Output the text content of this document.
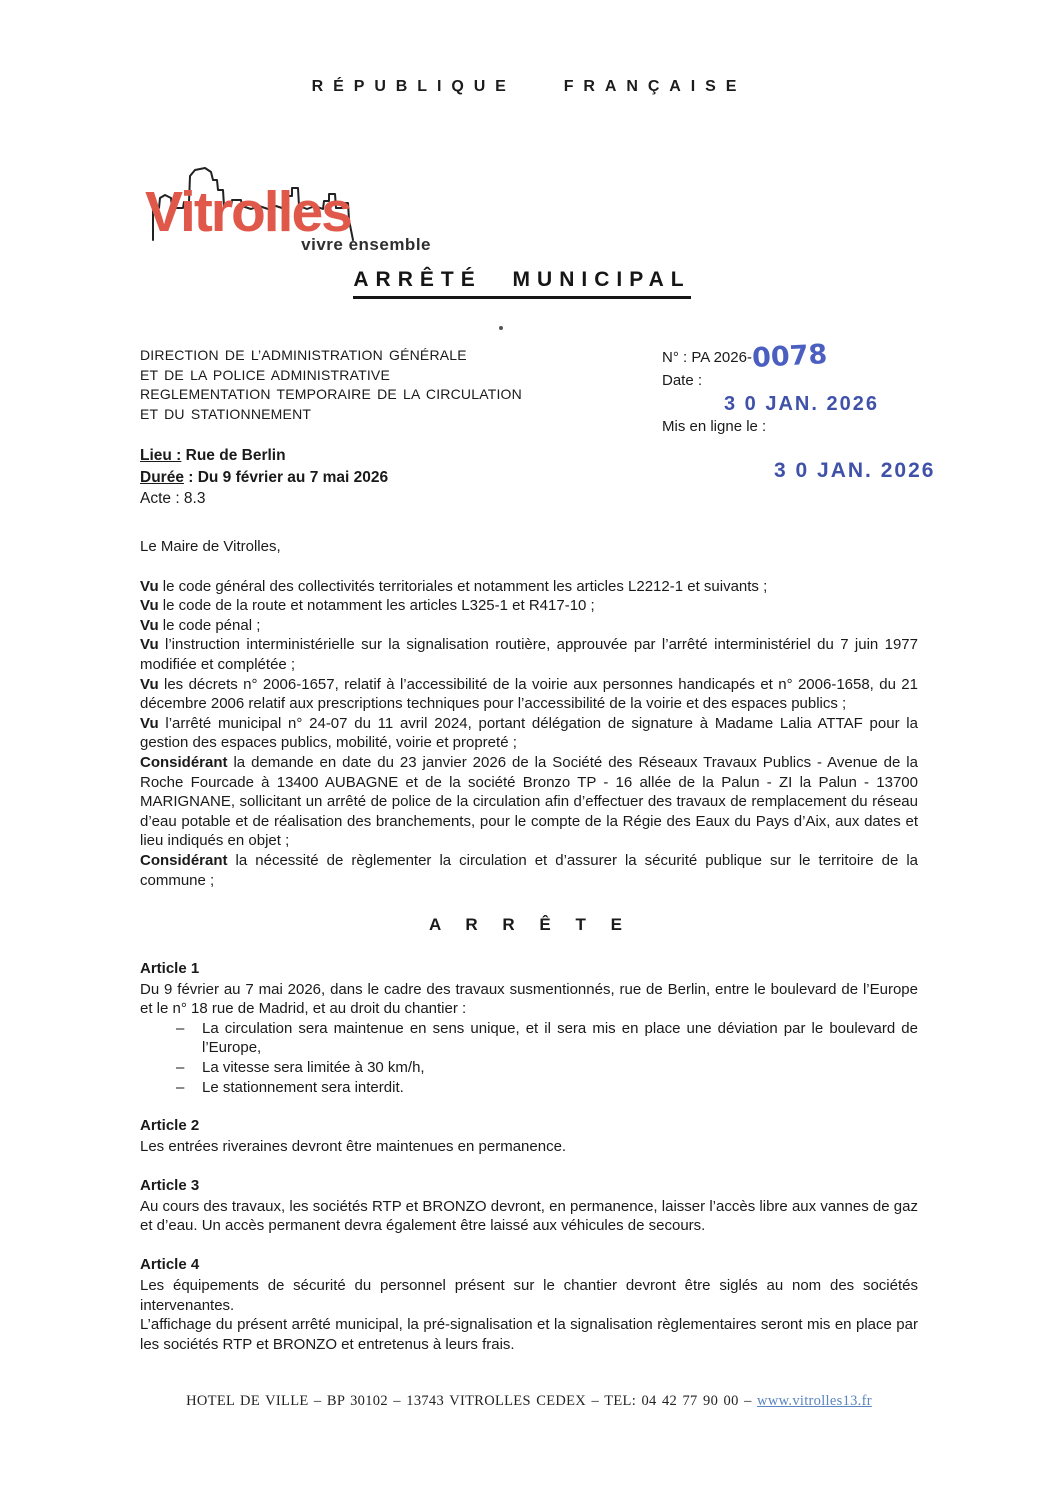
RÉPUBLIQUE FRANÇAISE
Vitrolles
vivre ensemble
ARRÊTÉ MUNICIPAL
DIRECTION DE L’ADMINISTRATION GÉNÉRALE
ET DE LA POLICE ADMINISTRATIVE
REGLEMENTATION TEMPORAIRE DE LA CIRCULATION
ET DU STATIONNEMENT
Lieu : Rue de Berlin
Durée : Du 9 février au 7 mai 2026
Acte : 8.3
N° : PA 2026-0078
Date :
3 0 JAN. 2026
Mis en ligne le :
3 0 JAN. 2026

Le Maire de Vitrolles,

Vu le code général des collectivités territoriales et notamment les articles L2212-1 et suivants ;

Vu le code de la route et notamment les articles L325-1 et R417-10 ;

Vu le code pénal ;

Vu l’instruction interministérielle sur la signalisation routière, approuvée par l’arrêté interministériel du 7 juin 1977 modifiée et complétée ;

Vu les décrets n° 2006-1657, relatif à l’accessibilité de la voirie aux personnes handicapés et n° 2006-1658, du 21 décembre 2006 relatif aux prescriptions techniques pour l’accessibilité de la voirie et des espaces publics ;

Vu l’arrêté municipal n° 24-07 du 11 avril 2024, portant délégation de signature à Madame Lalia ATTAF pour la gestion des espaces publics, mobilité, voirie et propreté ;

Considérant la demande en date du 23 janvier 2026 de la Société des Réseaux Travaux Publics - Avenue de la Roche Fourcade à 13400 AUBAGNE et de la société Bronzo TP - 16 allée de la Palun - ZI la Palun - 13700 MARIGNANE, sollicitant un arrêté de police de la circulation afin d’effectuer des travaux de remplacement du réseau d’eau potable et de réalisation des branchements, pour le compte de la Régie des Eaux du Pays d’Aix, aux dates et lieu indiqués en objet ;

Considérant la nécessité de règlementer la circulation et d’assurer la sécurité publique sur le territoire de la commune ;

A R R Ê T E
Article 1

Du 9 février au 7 mai 2026, dans le cadre des travaux susmentionnés, rue de Berlin, entre le boulevard de l’Europe et le n° 18 rue de Madrid, et au droit du chantier :

–	La circulation sera maintenue en sens unique, et il sera mis en place une déviation par le boulevard de l’Europe,
–	La vitesse sera limitée à 30 km/h,
–	Le stationnement sera interdit.
Article 2

Les entrées riveraines devront être maintenues en permanence.

Article 3

Au cours des travaux, les sociétés RTP et BRONZO devront, en permanence, laisser l’accès libre aux vannes de gaz et d’eau. Un accès permanent devra également être laissé aux véhicules de secours.

Article 4

Les équipements de sécurité du personnel présent sur le chantier devront être siglés au nom des sociétés intervenantes.

L’affichage du présent arrêté municipal, la pré-signalisation et la signalisation règlementaires seront mis en place par les sociétés RTP et BRONZO et entretenus à leurs frais.

HOTEL DE VILLE – BP 30102 – 13743 VITROLLES CEDEX – TEL: 04 42 77 90 00 – www.vitrolles13.fr
